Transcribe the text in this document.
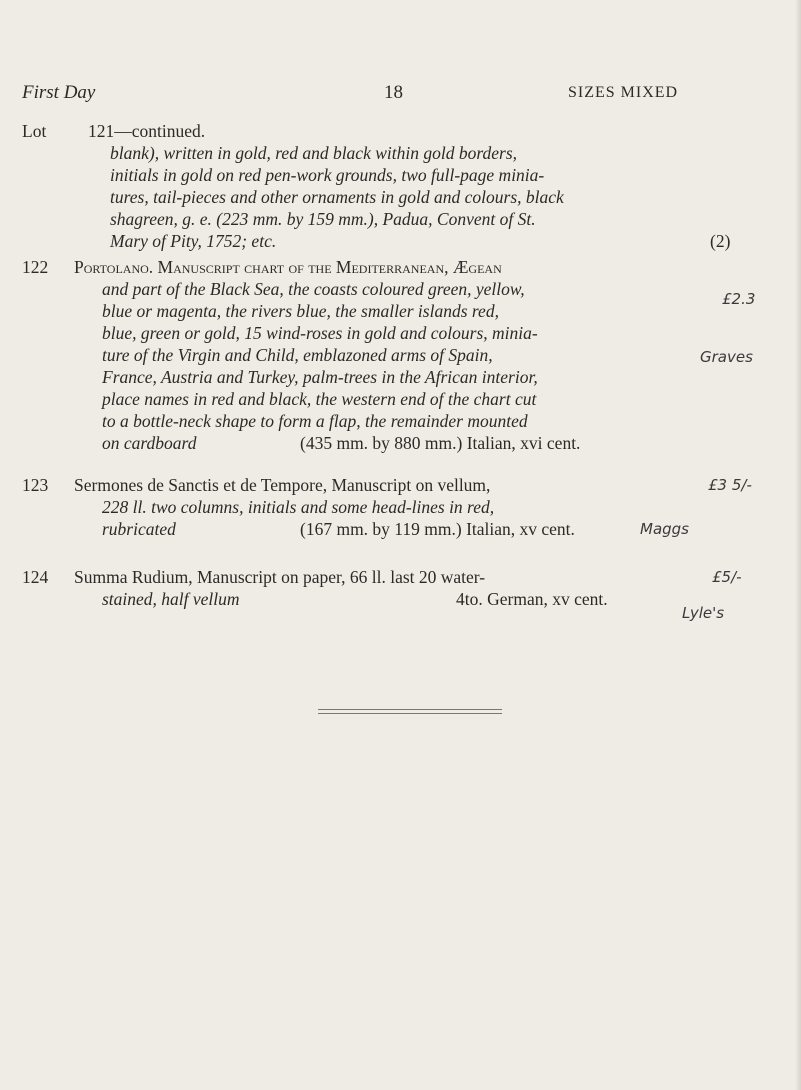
First Day	18	SIZES MIXED
Lot 121—continued.
blank), written in gold, red and black within gold borders,
initials in gold on red pen-work grounds, two full-page minia-
tures, tail-pieces and other ornaments in gold and colours, black
shagreen, g. e. (223 mm. by 159 mm.), Padua, Convent of St.
Mary of Pity, 1752; etc.	(2)
122 Portolano. Manuscript chart of the Mediterranean, Ægean
and part of the Black Sea, the coasts coloured green, yellow,
blue or magenta, the rivers blue, the smaller islands red,
blue, green or gold, 15 wind-roses in gold and colours, minia-
ture of the Virgin and Child, emblazoned arms of Spain,
France, Austria and Turkey, palm-trees in the African interior,
place names in red and black, the western end of the chart cut
to a bottle-neck shape to form a flap, the remainder mounted
on cardboard	(435 mm. by 880 mm.) Italian, xvi cent.
£2.3
Graves
123 Sermones de Sanctis et de Tempore, Manuscript on vellum,
228 ll. two columns, initials and some head-lines in red,
rubricated	(167 mm. by 119 mm.) Italian, xv cent.
£3 5/-
Maggs
124 Summa Rudium, Manuscript on paper, 66 ll. last 20 water-
stained, half vellum	4to. German, xv cent.
£5/-
Lyle's
